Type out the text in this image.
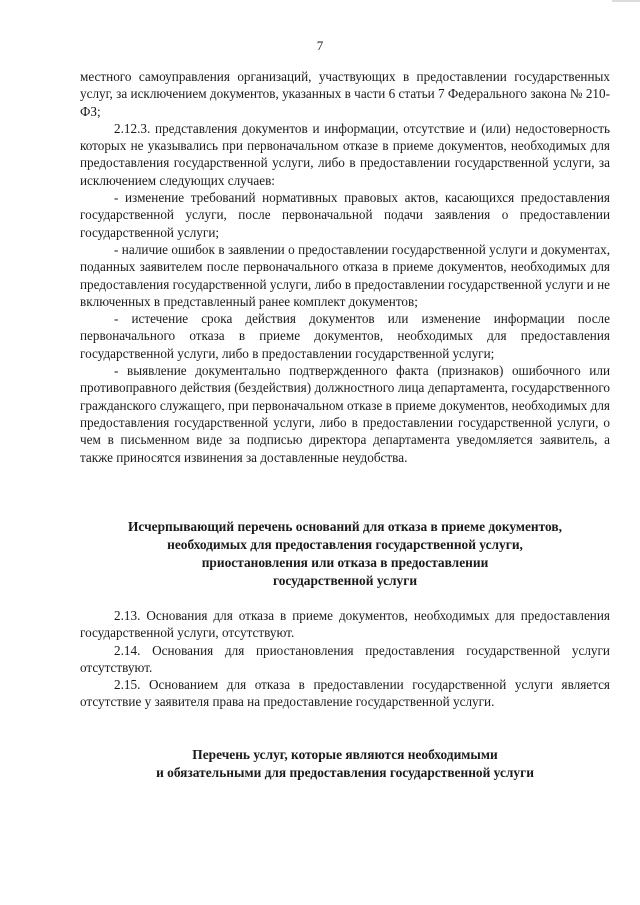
7

местного самоуправления организаций, участвующих в предоставлении государственных услуг, за исключением документов, указанных в части 6 статьи 7 Федерального закона № 210-ФЗ;

2.12.3. представления документов и информации, отсутствие и (или) недостоверность которых не указывались при первоначальном отказе в приеме документов, необходимых для предоставления государственной услуги, либо в предоставлении государственной услуги, за исключением следующих случаев:

- изменение требований нормативных правовых актов, касающихся предоставления государственной услуги, после первоначальной подачи заявления о предоставлении государственной услуги;

- наличие ошибок в заявлении о предоставлении государственной услуги и документах, поданных заявителем после первоначального отказа в приеме документов, необходимых для предоставления государственной услуги, либо в предоставлении государственной услуги и не включенных в представленный ранее комплект документов;

- истечение срока действия документов или изменение информации после первоначального отказа в приеме документов, необходимых для предоставления государственной услуги, либо в предоставлении государственной услуги;

- выявление документально подтвержденного факта (признаков) ошибочного или противоправного действия (бездействия) должностного лица департамента, государственного гражданского служащего, при первоначальном отказе в приеме документов, необходимых для предоставления государственной услуги, либо в предоставлении государственной услуги, о чем в письменном виде за подписью директора департамента уведомляется заявитель, а также приносятся извинения за доставленные неудобства.

Исчерпывающий перечень оснований для отказа в приеме документов,
необходимых для предоставления государственной услуги,
приостановления или отказа в предоставлении
государственной услуги

2.13. Основания для отказа в приеме документов, необходимых для предоставления государственной услуги, отсутствуют.

2.14. Основания для приостановления предоставления государственной услуги отсутствуют.

2.15. Основанием для отказа в предоставлении государственной услуги является отсутствие у заявителя права на предоставление государственной услуги.

Перечень услуг, которые являются необходимыми
и обязательными для предоставления государственной услуги
